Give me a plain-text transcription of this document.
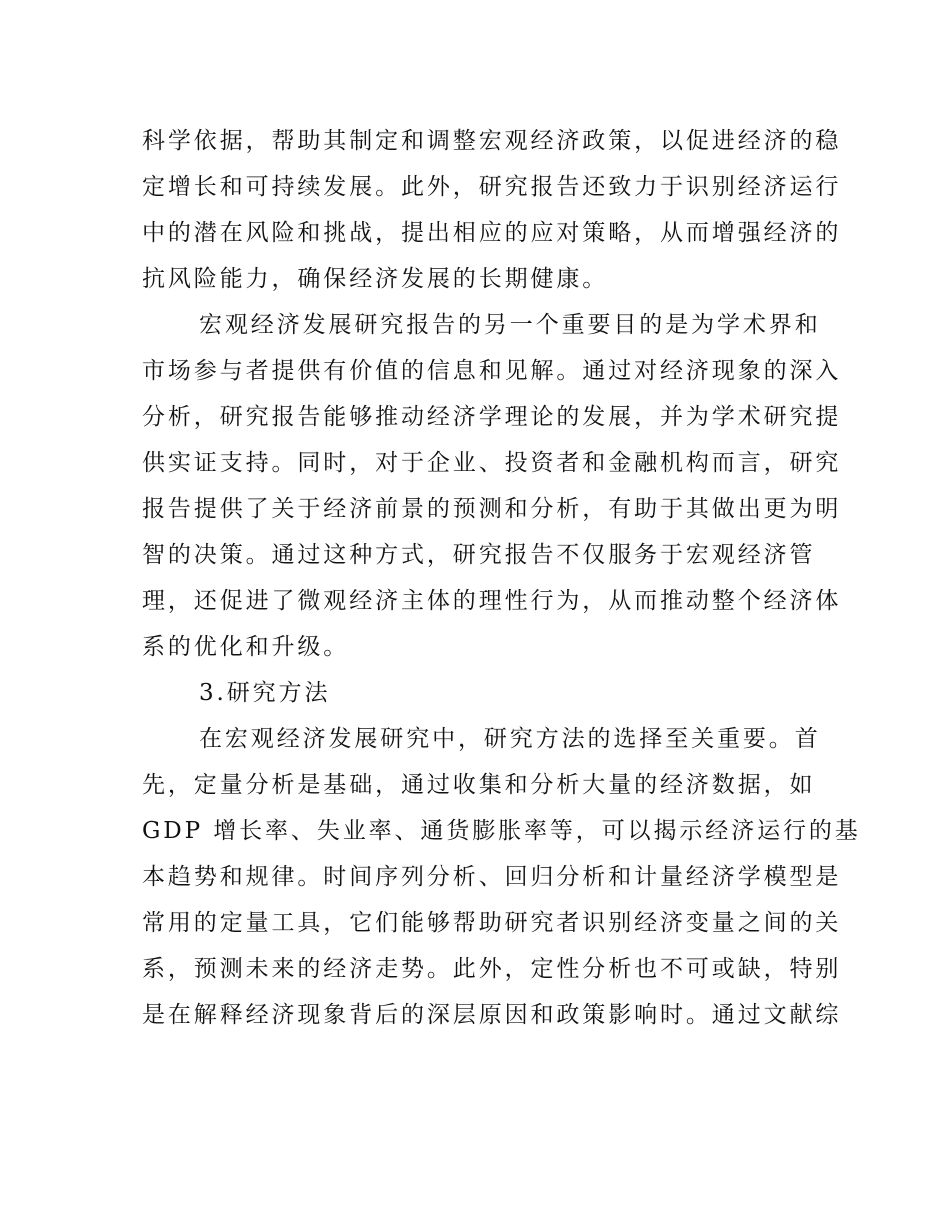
科学依据，帮助其制定和调整宏观经济政策，以促进经济的稳
定增长和可持续发展。此外，研究报告还致力于识别经济运行
中的潜在风险和挑战，提出相应的应对策略，从而增强经济的
抗风险能力，确保经济发展的长期健康。
宏观经济发展研究报告的另一个重要目的是为学术界和
市场参与者提供有价值的信息和见解。通过对经济现象的深入
分析，研究报告能够推动经济学理论的发展，并为学术研究提
供实证支持。同时，对于企业、投资者和金融机构而言，研究
报告提供了关于经济前景的预测和分析，有助于其做出更为明
智的决策。通过这种方式，研究报告不仅服务于宏观经济管
理，还促进了微观经济主体的理性行为，从而推动整个经济体
系的优化和升级。
3.研究方法
在宏观经济发展研究中，研究方法的选择至关重要。首
先，定量分析是基础，通过收集和分析大量的经济数据，如
GDP 增长率、失业率、通货膨胀率等，可以揭示经济运行的基
本趋势和规律。时间序列分析、回归分析和计量经济学模型是
常用的定量工具，它们能够帮助研究者识别经济变量之间的关
系，预测未来的经济走势。此外，定性分析也不可或缺，特别
是在解释经济现象背后的深层原因和政策影响时。通过文献综
